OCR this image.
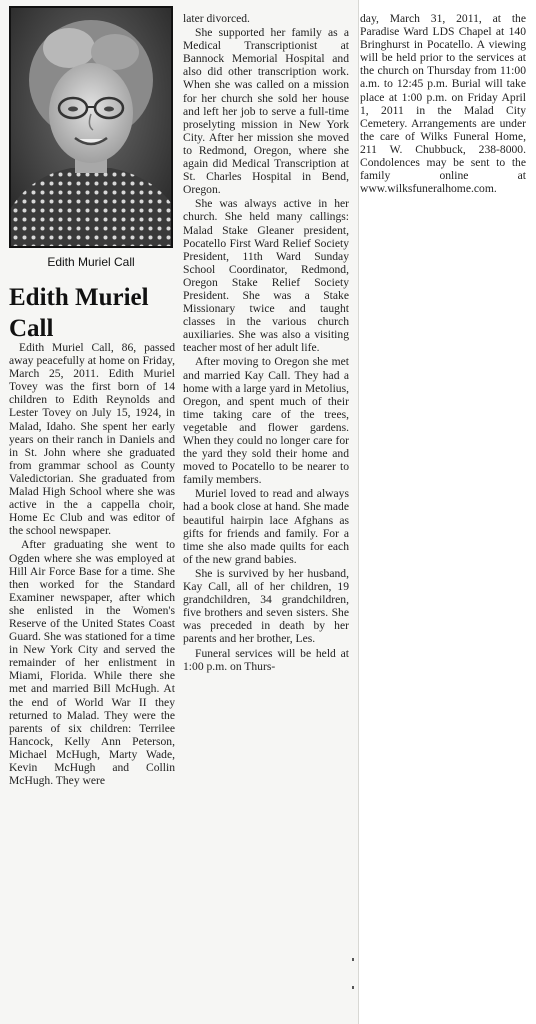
Edith Muriel Call
Edith Muriel Call

Edith Muriel Call, 86, passed away peacefully at home on Friday, March 25, 2011. Edith Muriel Tovey was the first born of 14 children to Edith Reynolds and Lester Tovey on July 15, 1924, in Malad, Idaho. She spent her early years on their ranch in Daniels and in St. John where she graduated from grammar school as County Valedictorian. She graduated from Malad High School where she was active in the a cappella choir, Home Ec Club and was editor of the school newspaper.

After graduating she went to Ogden where she was employed at Hill Air Force Base for a time. She then worked for the Standard Examiner newspaper, after which she enlisted in the Women's Reserve of the United States Coast Guard. She was stationed for a time in New York City and served the remainder of her enlistment in Miami, Florida. While there she met and married Bill McHugh. At the end of World War II they returned to Malad. They were the parents of six children: Terrilee Hancock, Kelly Ann Peterson, Michael McHugh, Marty Wade, Kevin McHugh and Collin McHugh. They were

later divorced.

She supported her family as a Medical Transcriptionist at Bannock Memorial Hospital and also did other transcription work. When she was called on a mission for her church she sold her house and left her job to serve a full-time proselyting mission in New York City. After her mission she moved to Redmond, Oregon, where she again did Medical Transcription at St. Charles Hospital in Bend, Oregon.

She was always active in her church. She held many callings: Malad Stake Gleaner president, Pocatello First Ward Relief Society President, 11th Ward Sunday School Coordinator, Redmond, Oregon Stake Relief Society President. She was a Stake Missionary twice and taught classes in the various church auxiliaries. She was also a visiting teacher most of her adult life.

After moving to Oregon she met and married Kay Call. They had a home with a large yard in Metolius, Oregon, and spent much of their time taking care of the trees, vegetable and flower gardens. When they could no longer care for the yard they sold their home and moved to Pocatello to be nearer to family members.

Muriel loved to read and always had a book close at hand. She made beautiful hairpin lace Afghans as gifts for friends and family. For a time she also made quilts for each of the new grand babies.

She is survived by her husband, Kay Call, all of her children, 19 grandchildren, 34 grandchildren, five brothers and seven sisters. She was preceded in death by her parents and her brother, Les.

Funeral services will be held at 1:00 p.m. on Thurs-

day, March 31, 2011, at the Paradise Ward LDS Chapel at 140 Bringhurst in Pocatello. A viewing will be held prior to the services at the church on Thursday from 11:00 a.m. to 12:45 p.m. Burial will take place at 1:00 p.m. on Friday April 1, 2011 in the Malad City Cemetery. Arrangements are under the care of Wilks Funeral Home, 211 W. Chubbuck, 238-8000. Condolences may be sent to the family online at www.wilksfuneralhome.com.
